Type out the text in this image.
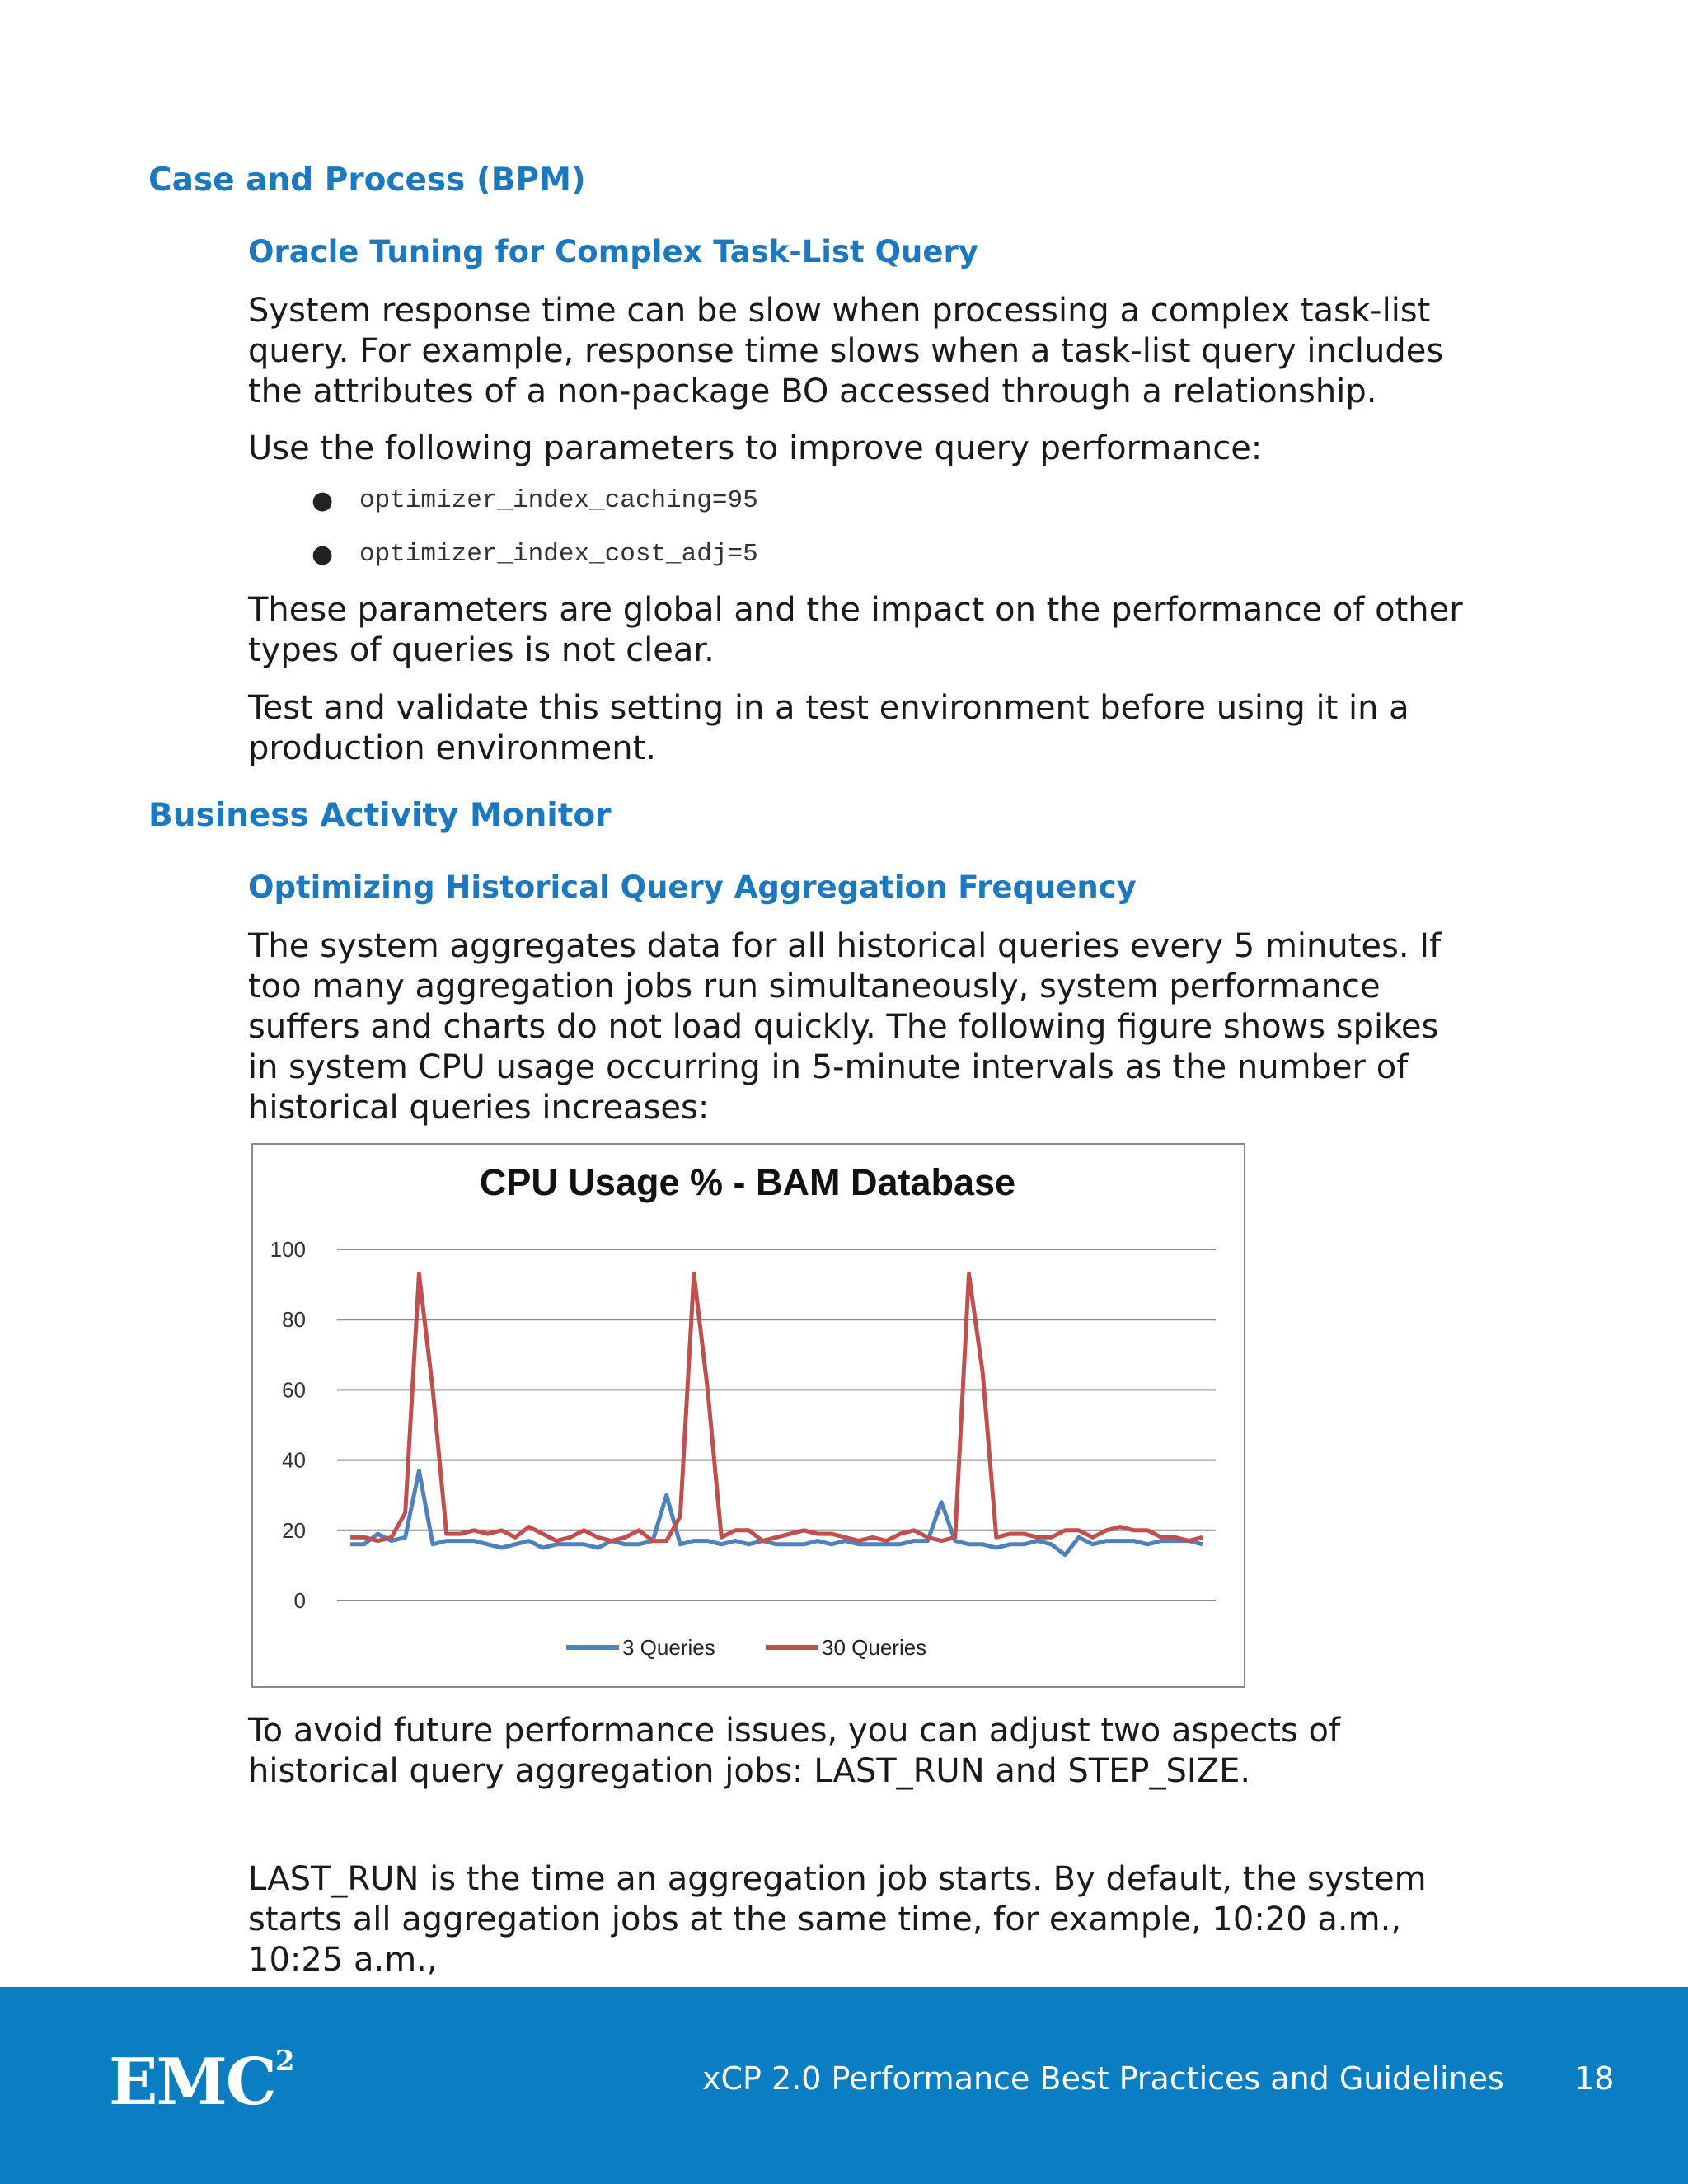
Case and Process (BPM)
Oracle Tuning for Complex Task-List Query

System response time can be slow when processing a complex task-list query. For example, response time slows when a task-list query includes the attributes of a non-package BO accessed through a relationship.

Use the following parameters to improve query performance:

● optimizer_index_caching=95
● optimizer_index_cost_adj=5

These parameters are global and the impact on the performance of other types of queries is not clear.

Test and validate this setting in a test environment before using it in a production environment.

Business Activity Monitor
Optimizing Historical Query Aggregation Frequency

The system aggregates data for all historical queries every 5 minutes. If too many aggregation jobs run simultaneously, system performance suffers and charts do not load quickly. The following figure shows spikes in system CPU usage occurring in 5-minute intervals as the number of historical queries increases:

CPU Usage % - BAM Database
0
20
40
60
80
100
3 Queries	30 Queries

To avoid future performance issues, you can adjust two aspects of historical query aggregation jobs: LAST_RUN and STEP_SIZE.

LAST_RUN is the time an aggregation job starts. By default, the system starts all aggregation jobs at the same time, for example, 10:20 a.m., 10:25 a.m.,

EMC$^2$	xCP 2.0 Performance Best Practices and Guidelines 18
